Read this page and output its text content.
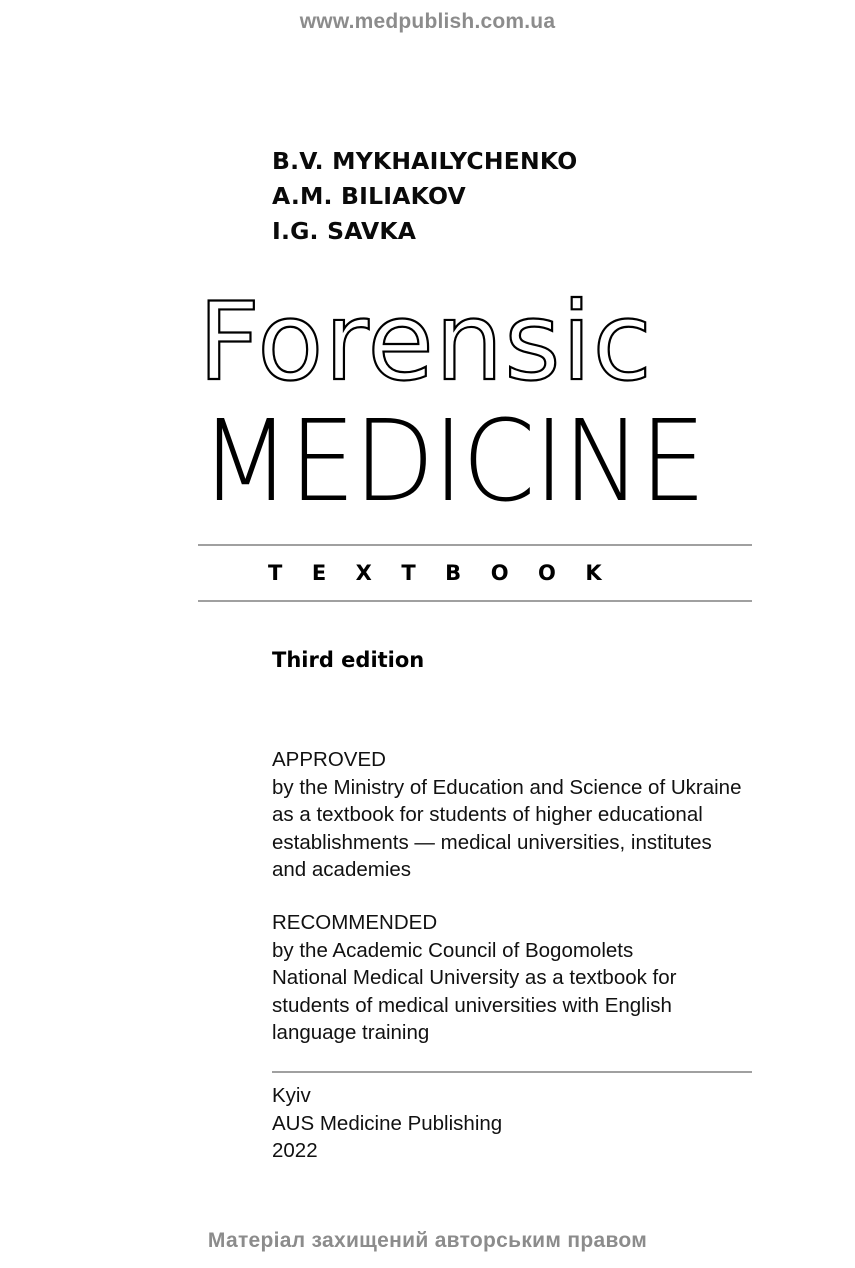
www.medpublish.com.ua
B.V. MYKHAILYCHENKO
A.M. BILIAKOV
I.G. SAVKA
Forensic
MEDICINE
TEXTBOOK
Third edition
APPROVED
by the Ministry of Education and Science of Ukraine
as a textbook for students of higher educational
establishments — medical universities, institutes
and academies
RECOMMENDED
by the Academic Council of Bogomolets
National Medical University as a textbook for
students of medical universities with English
language training
Kyiv
AUS Medicine Publishing
2022
Матеріал захищений авторським правом
